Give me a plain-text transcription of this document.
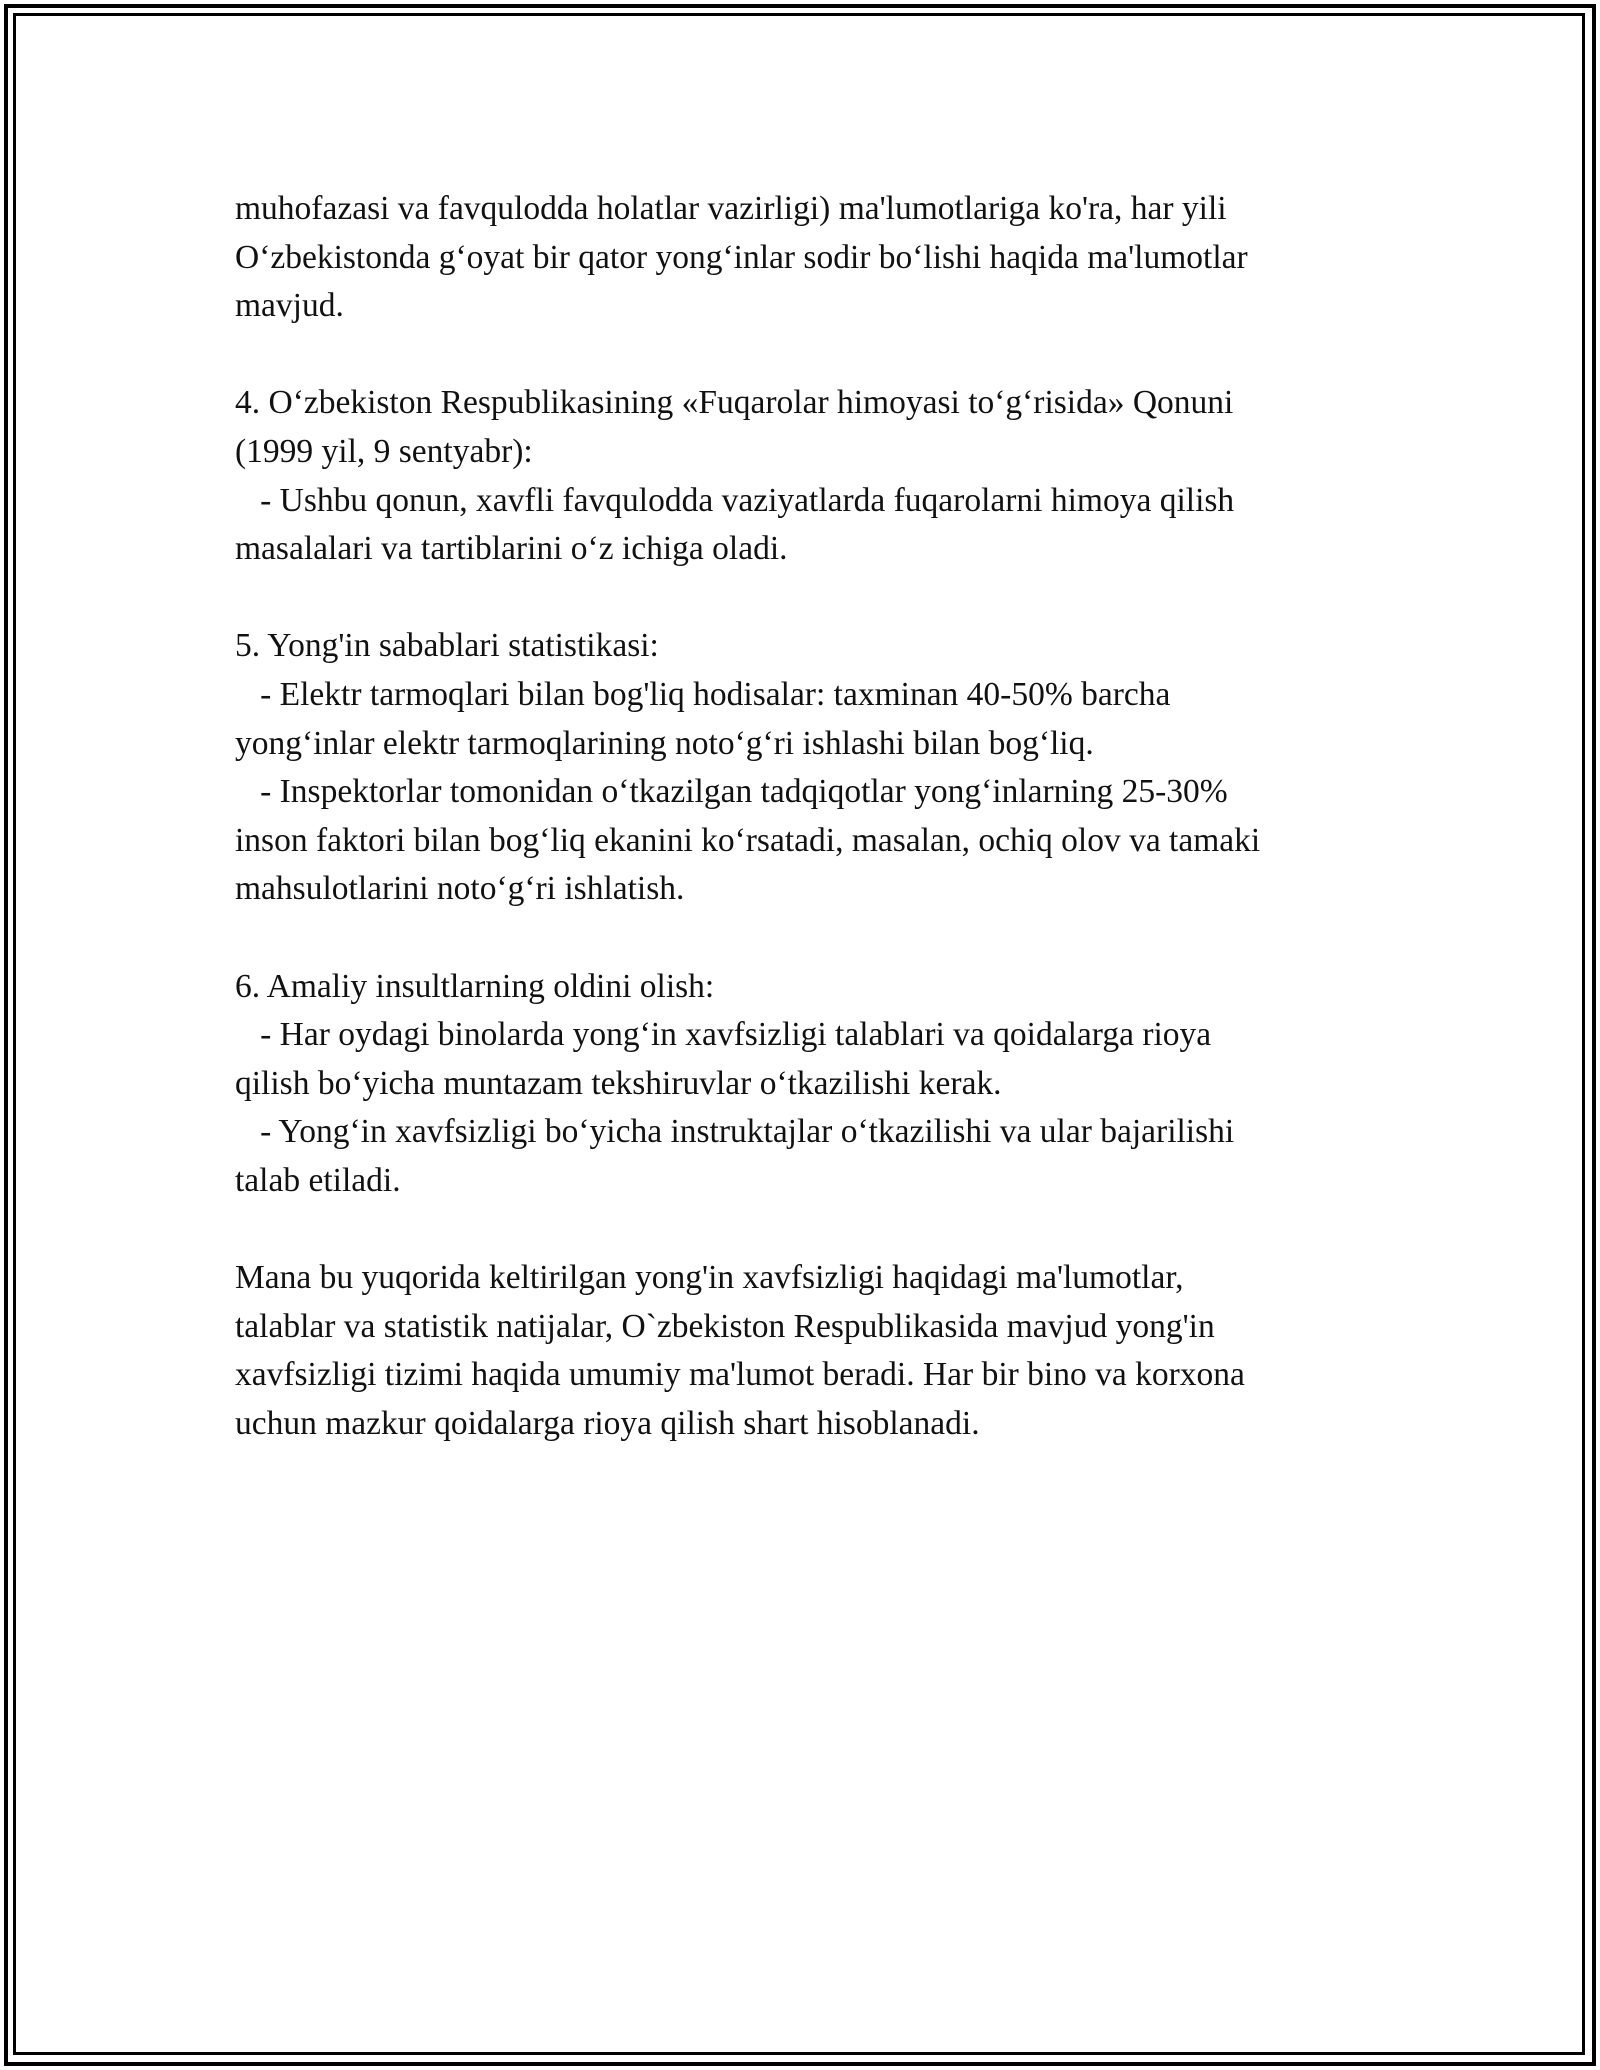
muhofazasi va favqulodda holatlar vazirligi) ma'lumotlariga ko'ra, har yili
O‘zbekistonda g‘oyat bir qator yong‘inlar sodir bo‘lishi haqida ma'lumotlar
mavjud.
4. O‘zbekiston Respublikasining «Fuqarolar himoyasi to‘g‘risida» Qonuni
(1999 yil, 9 sentyabr):
- Ushbu qonun, xavfli favqulodda vaziyatlarda fuqarolarni himoya qilish
masalalari va tartiblarini o‘z ichiga oladi.
5. Yong'in sabablari statistikasi:
- Elektr tarmoqlari bilan bog'liq hodisalar: taxminan 40-50% barcha
yong‘inlar elektr tarmoqlarining noto‘g‘ri ishlashi bilan bog‘liq.
- Inspektorlar tomonidan o‘tkazilgan tadqiqotlar yong‘inlarning 25-30%
inson faktori bilan bog‘liq ekanini ko‘rsatadi, masalan, ochiq olov va tamaki
mahsulotlarini noto‘g‘ri ishlatish.
6. Amaliy insultlarning oldini olish:
- Har oydagi binolarda yong‘in xavfsizligi talablari va qoidalarga rioya
qilish bo‘yicha muntazam tekshiruvlar o‘tkazilishi kerak.
- Yong‘in xavfsizligi bo‘yicha instruktajlar o‘tkazilishi va ular bajarilishi
talab etiladi.
Mana bu yuqorida keltirilgan yong'in xavfsizligi haqidagi ma'lumotlar,
talablar va statistik natijalar, O`zbekiston Respublikasida mavjud yong'in
xavfsizligi tizimi haqida umumiy ma'lumot beradi. Har bir bino va korxona
uchun mazkur qoidalarga rioya qilish shart hisoblanadi.
